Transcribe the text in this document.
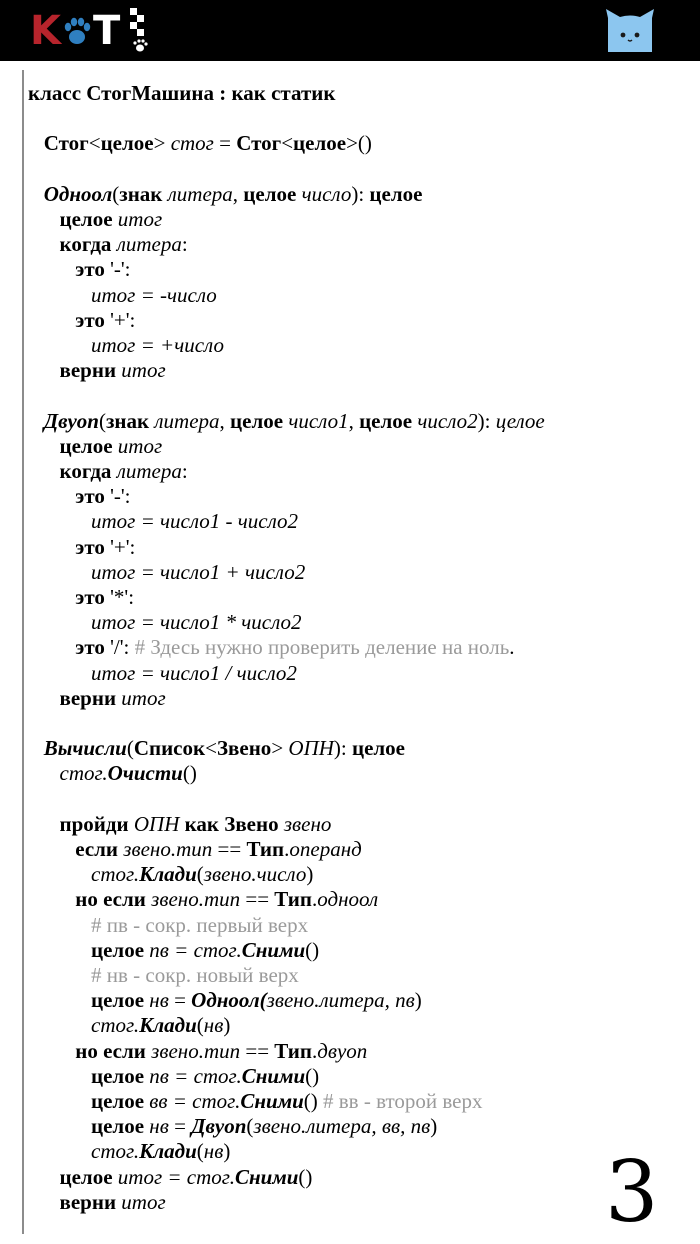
K T
класс СтогМашина : как статик
Стог<целое> стог = Стог<целое>()
Одноол(знак литера, целое число): целое
целое итог
когда литера:
это '-':
итог = -число
это '+':
итог = +число
верни итог
Двуоп(знак литера, целое число1, целое число2): целое
целое итог
когда литера:
это '-':
итог = число1 - число2
это '+':
итог = число1 + число2
это '*':
итог = число1 * число2
это '/': # Здесь нужно проверить деление на ноль.
итог = число1 / число2
верни итог
Вычисли(Список<Звено> ОПН): целое
стог.Очисти()
пройди ОПН как Звено звено
если звено.тип == Тип.операнд
стог.Клади(звено.число)
но если звено.тип == Тип.одноол
# пв - сокр. первый верх
целое пв = стог.Сними()
# нв - сокр. новый верх
целое нв = Одноол(звено.литера, пв)
стог.Клади(нв)
но если звено.тип == Тип.двуоп
целое пв = стог.Сними()
целое вв = стог.Сними() # вв - второй верх
целое нв = Двуоп(звено.литера, вв, пв)
стог.Клади(нв)
целое итог = стог.Сними()
верни итог	3
